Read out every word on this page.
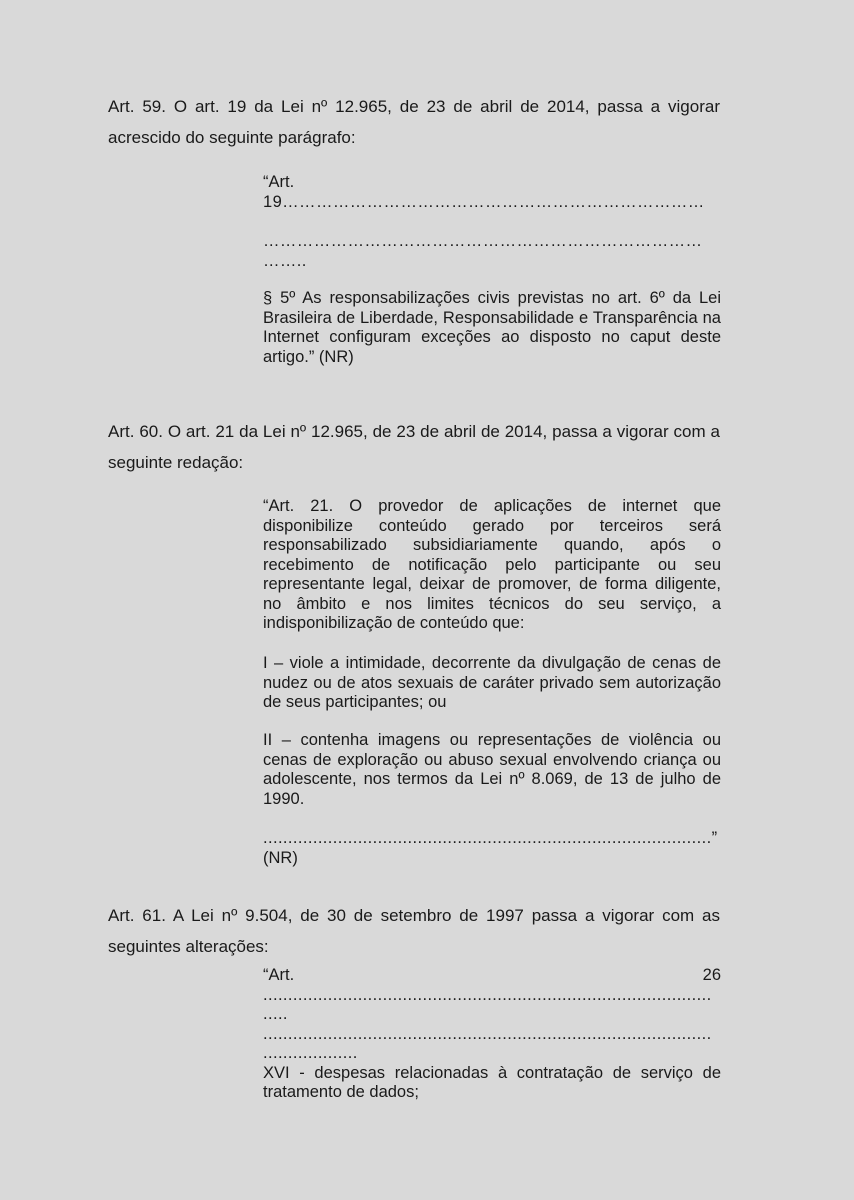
Art. 59. O art. 19 da Lei nº 12.965, de 23 de abril de 2014, passa a vigorar acrescido do seguinte parágrafo:

“Art.
19…………………………………………………………………
……………………………………………………………………
……..

§ 5º As responsabilizações civis previstas no art. 6º da Lei Brasileira de Liberdade, Responsabilidade e Transparência na Internet configuram exceções ao disposto no caput deste artigo.” (NR)

Art. 60. O art. 21 da Lei nº 12.965, de 23 de abril de 2014, passa a vigorar com a seguinte redação:

“Art. 21. O provedor de aplicações de internet que disponibilize conteúdo gerado por terceiros será responsabilizado subsidiariamente quando, após o recebimento de notificação pelo participante ou seu representante legal, deixar de promover, de forma diligente, no âmbito e nos limites técnicos do seu serviço, a indisponibilização de conteúdo que:

I – viole a intimidade, decorrente da divulgação de cenas de nudez ou de atos sexuais de caráter privado sem autorização de seus participantes; ou

II – contenha imagens ou representações de violência ou cenas de exploração ou abuso sexual envolvendo criança ou adolescente, nos termos da Lei nº 8.069, de 13 de julho de 1990.

..........................................................................................”
(NR)

Art. 61. A Lei nº 9.504, de 30 de setembro de 1997 passa a vigorar com as seguintes alterações:

“Art.	26
..........................................................................................
.....
..........................................................................................
...................
XVI - despesas relacionadas à contratação de serviço de tratamento de dados;
